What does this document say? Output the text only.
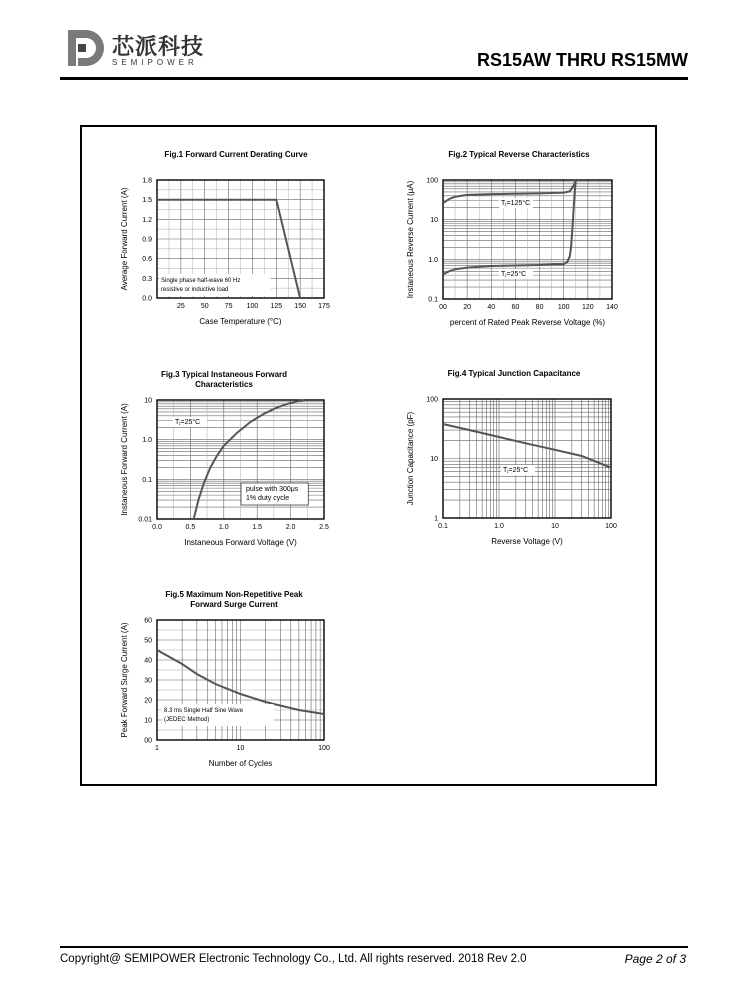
芯派科技
SEMIPOWER	RS15AW THRU RS15MW
Fig.1 Forward Current Derating Curve
25 50 75 100 125 150 175
0.0
0.3
0.6
0.9
1.2
1.5
1.8
Case Temperature (°C)
Average Forward Current (A)	Single phase half-wave 60 Hz
resistive or inductive load
Fig.2 Typical Reverse Characteristics
00 20 40 60 80 100 120 140
0.1
1.0
10
100
percent of Rated Peak Reverse Voltage (%)
Instaneous Reverse Current (μA)	Tⱼ=125°C
Tⱼ=25°C
Fig.3 Typical Instaneous Forward
Characteristics
0.0	0.5	1.0	1.5	2.0	2.5
0.01
0.1
1.0
10
Instaneous Forward Voltage (V)
Instaneous Forward Current (A)	Tⱼ=25°C
pulse with 300μs
1% duty cycle
Fig.4 Typical Junction Capacitance
0.1	1.0	10	100
1
10
100
Reverse Voltage (V)
Junction Capacitance (pF)	Tⱼ=25°C
Fig.5 Maximum Non-Repetitive Peak
Forward Surge Current
1	10	100
00
10
20
30
40
50
60
Number of Cycles
Peak Forward Surge Current (A)	8.3 ms Single Half Sine Wave
(JEDEC Method)
Copyright@ SEMIPOWER Electronic Technology Co., Ltd. All rights reserved. 2018 Rev 2.0	Page 2 of 3
